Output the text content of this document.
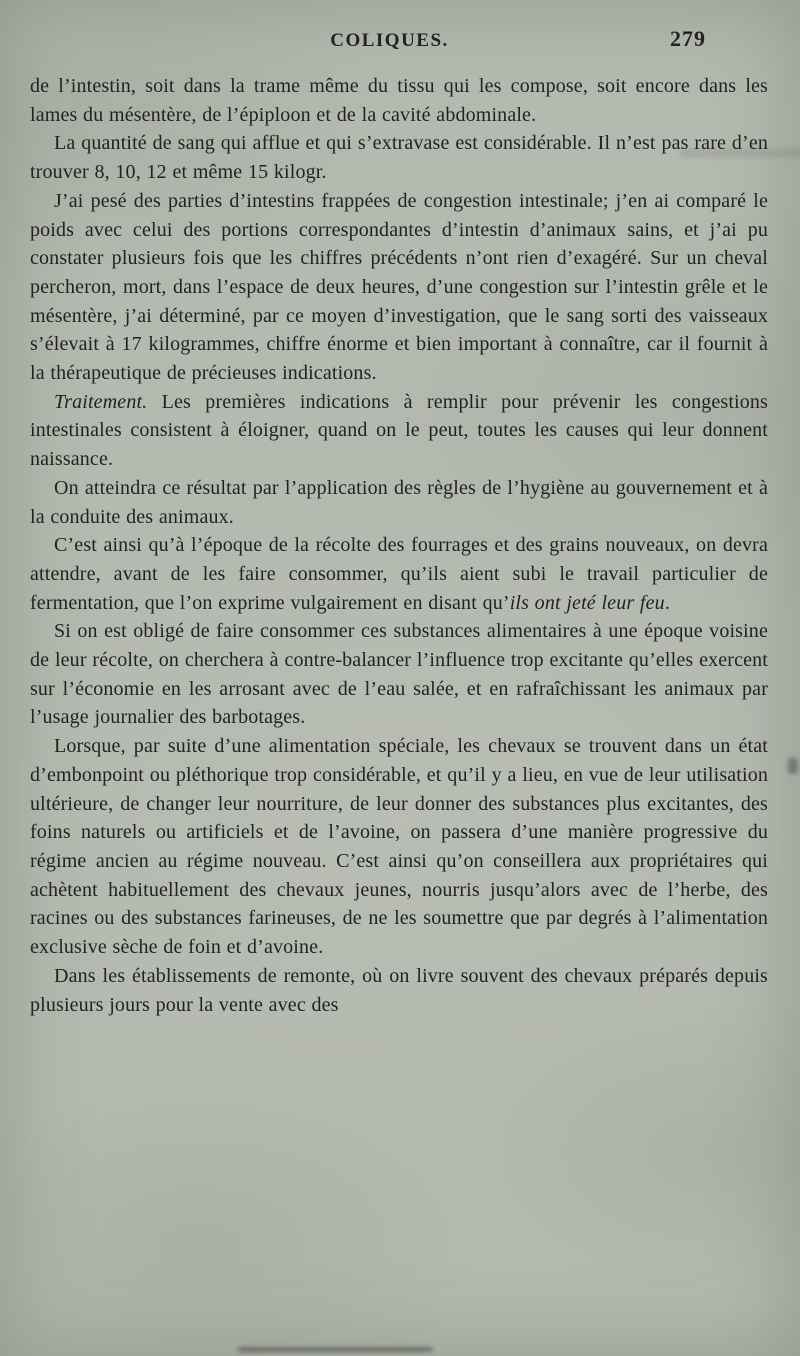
COLIQUES.	279

de l’intestin, soit dans la trame même du tissu qui les compose, soit encore dans les lames du mésentère, de l’épiploon et de la cavité abdominale.

La quantité de sang qui afflue et qui s’extravase est considérable. Il n’est pas rare d’en trouver 8, 10, 12 et même 15 kilogr.

J’ai pesé des parties d’intestins frappées de congestion intestinale; j’en ai comparé le poids avec celui des portions correspondantes d’intestin d’animaux sains, et j’ai pu constater plusieurs fois que les chiffres précédents n’ont rien d’exagéré. Sur un cheval percheron, mort, dans l’espace de deux heures, d’une congestion sur l’intestin grêle et le mésentère, j’ai déterminé, par ce moyen d’investigation, que le sang sorti des vaisseaux s’élevait à 17 kilogrammes, chiffre énorme et bien important à connaître, car il fournit à la thérapeutique de précieuses indications.

Traitement. Les premières indications à remplir pour prévenir les congestions intestinales consistent à éloigner, quand on le peut, toutes les causes qui leur donnent naissance.

On atteindra ce résultat par l’application des règles de l’hygiène au gouvernement et à la conduite des animaux.

C’est ainsi qu’à l’époque de la récolte des fourrages et des grains nouveaux, on devra attendre, avant de les faire consommer, qu’ils aient subi le travail particulier de fermentation, que l’on exprime vulgairement en disant qu’ils ont jeté leur feu.

Si on est obligé de faire consommer ces substances alimentaires à une époque voisine de leur récolte, on cherchera à contre-balancer l’influence trop excitante qu’elles exercent sur l’économie en les arrosant avec de l’eau salée, et en rafraîchissant les animaux par l’usage journalier des barbotages.

Lorsque, par suite d’une alimentation spéciale, les chevaux se trouvent dans un état d’embonpoint ou pléthorique trop considérable, et qu’il y a lieu, en vue de leur utilisation ultérieure, de changer leur nourriture, de leur donner des substances plus excitantes, des foins naturels ou artificiels et de l’avoine, on passera d’une manière progressive du régime ancien au régime nouveau. C’est ainsi qu’on conseillera aux propriétaires qui achètent habituellement des chevaux jeunes, nourris jusqu’alors avec de l’herbe, des racines ou des substances farineuses, de ne les soumettre que par degrés à l’alimentation exclusive sèche de foin et d’avoine.

Dans les établissements de remonte, où on livre souvent des chevaux préparés depuis plusieurs jours pour la vente avec des
